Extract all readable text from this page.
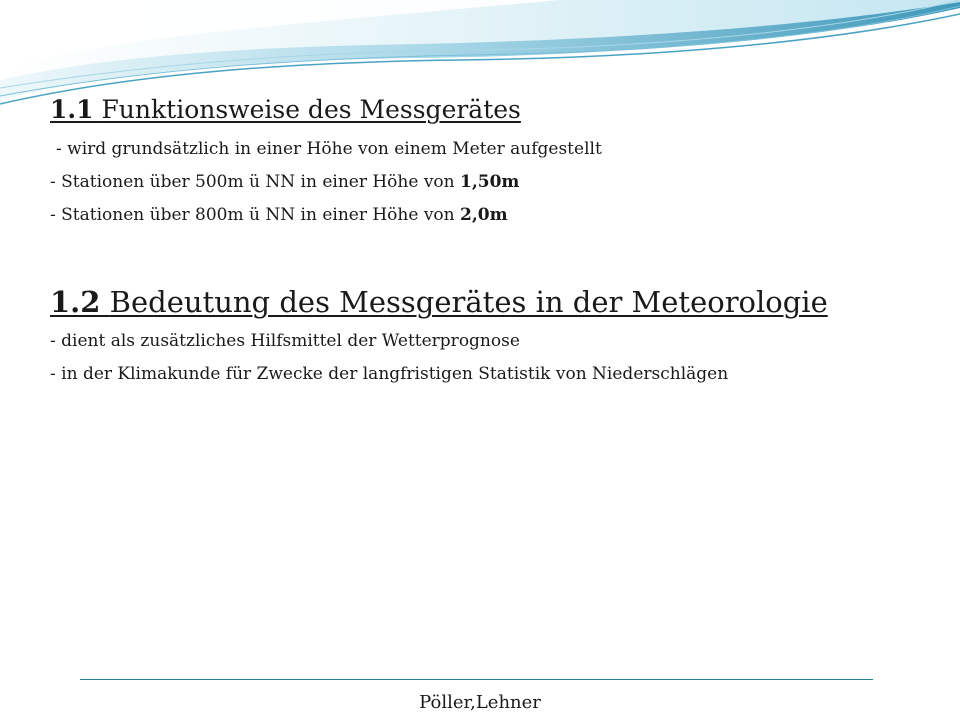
1.1 Funktionsweise des Messgerätes
- wird grundsätzlich in einer Höhe von einem Meter aufgestellt
- Stationen über 500m ü NN in einer Höhe von 1,50m
- Stationen über 800m ü NN in einer Höhe von 2,0m
1.2 Bedeutung des Messgerätes in der Meteorologie
- dient als zusätzliches Hilfsmittel der Wetterprognose
- in der Klimakunde für Zwecke der langfristigen Statistik von Niederschlägen
Pöller,Lehner
